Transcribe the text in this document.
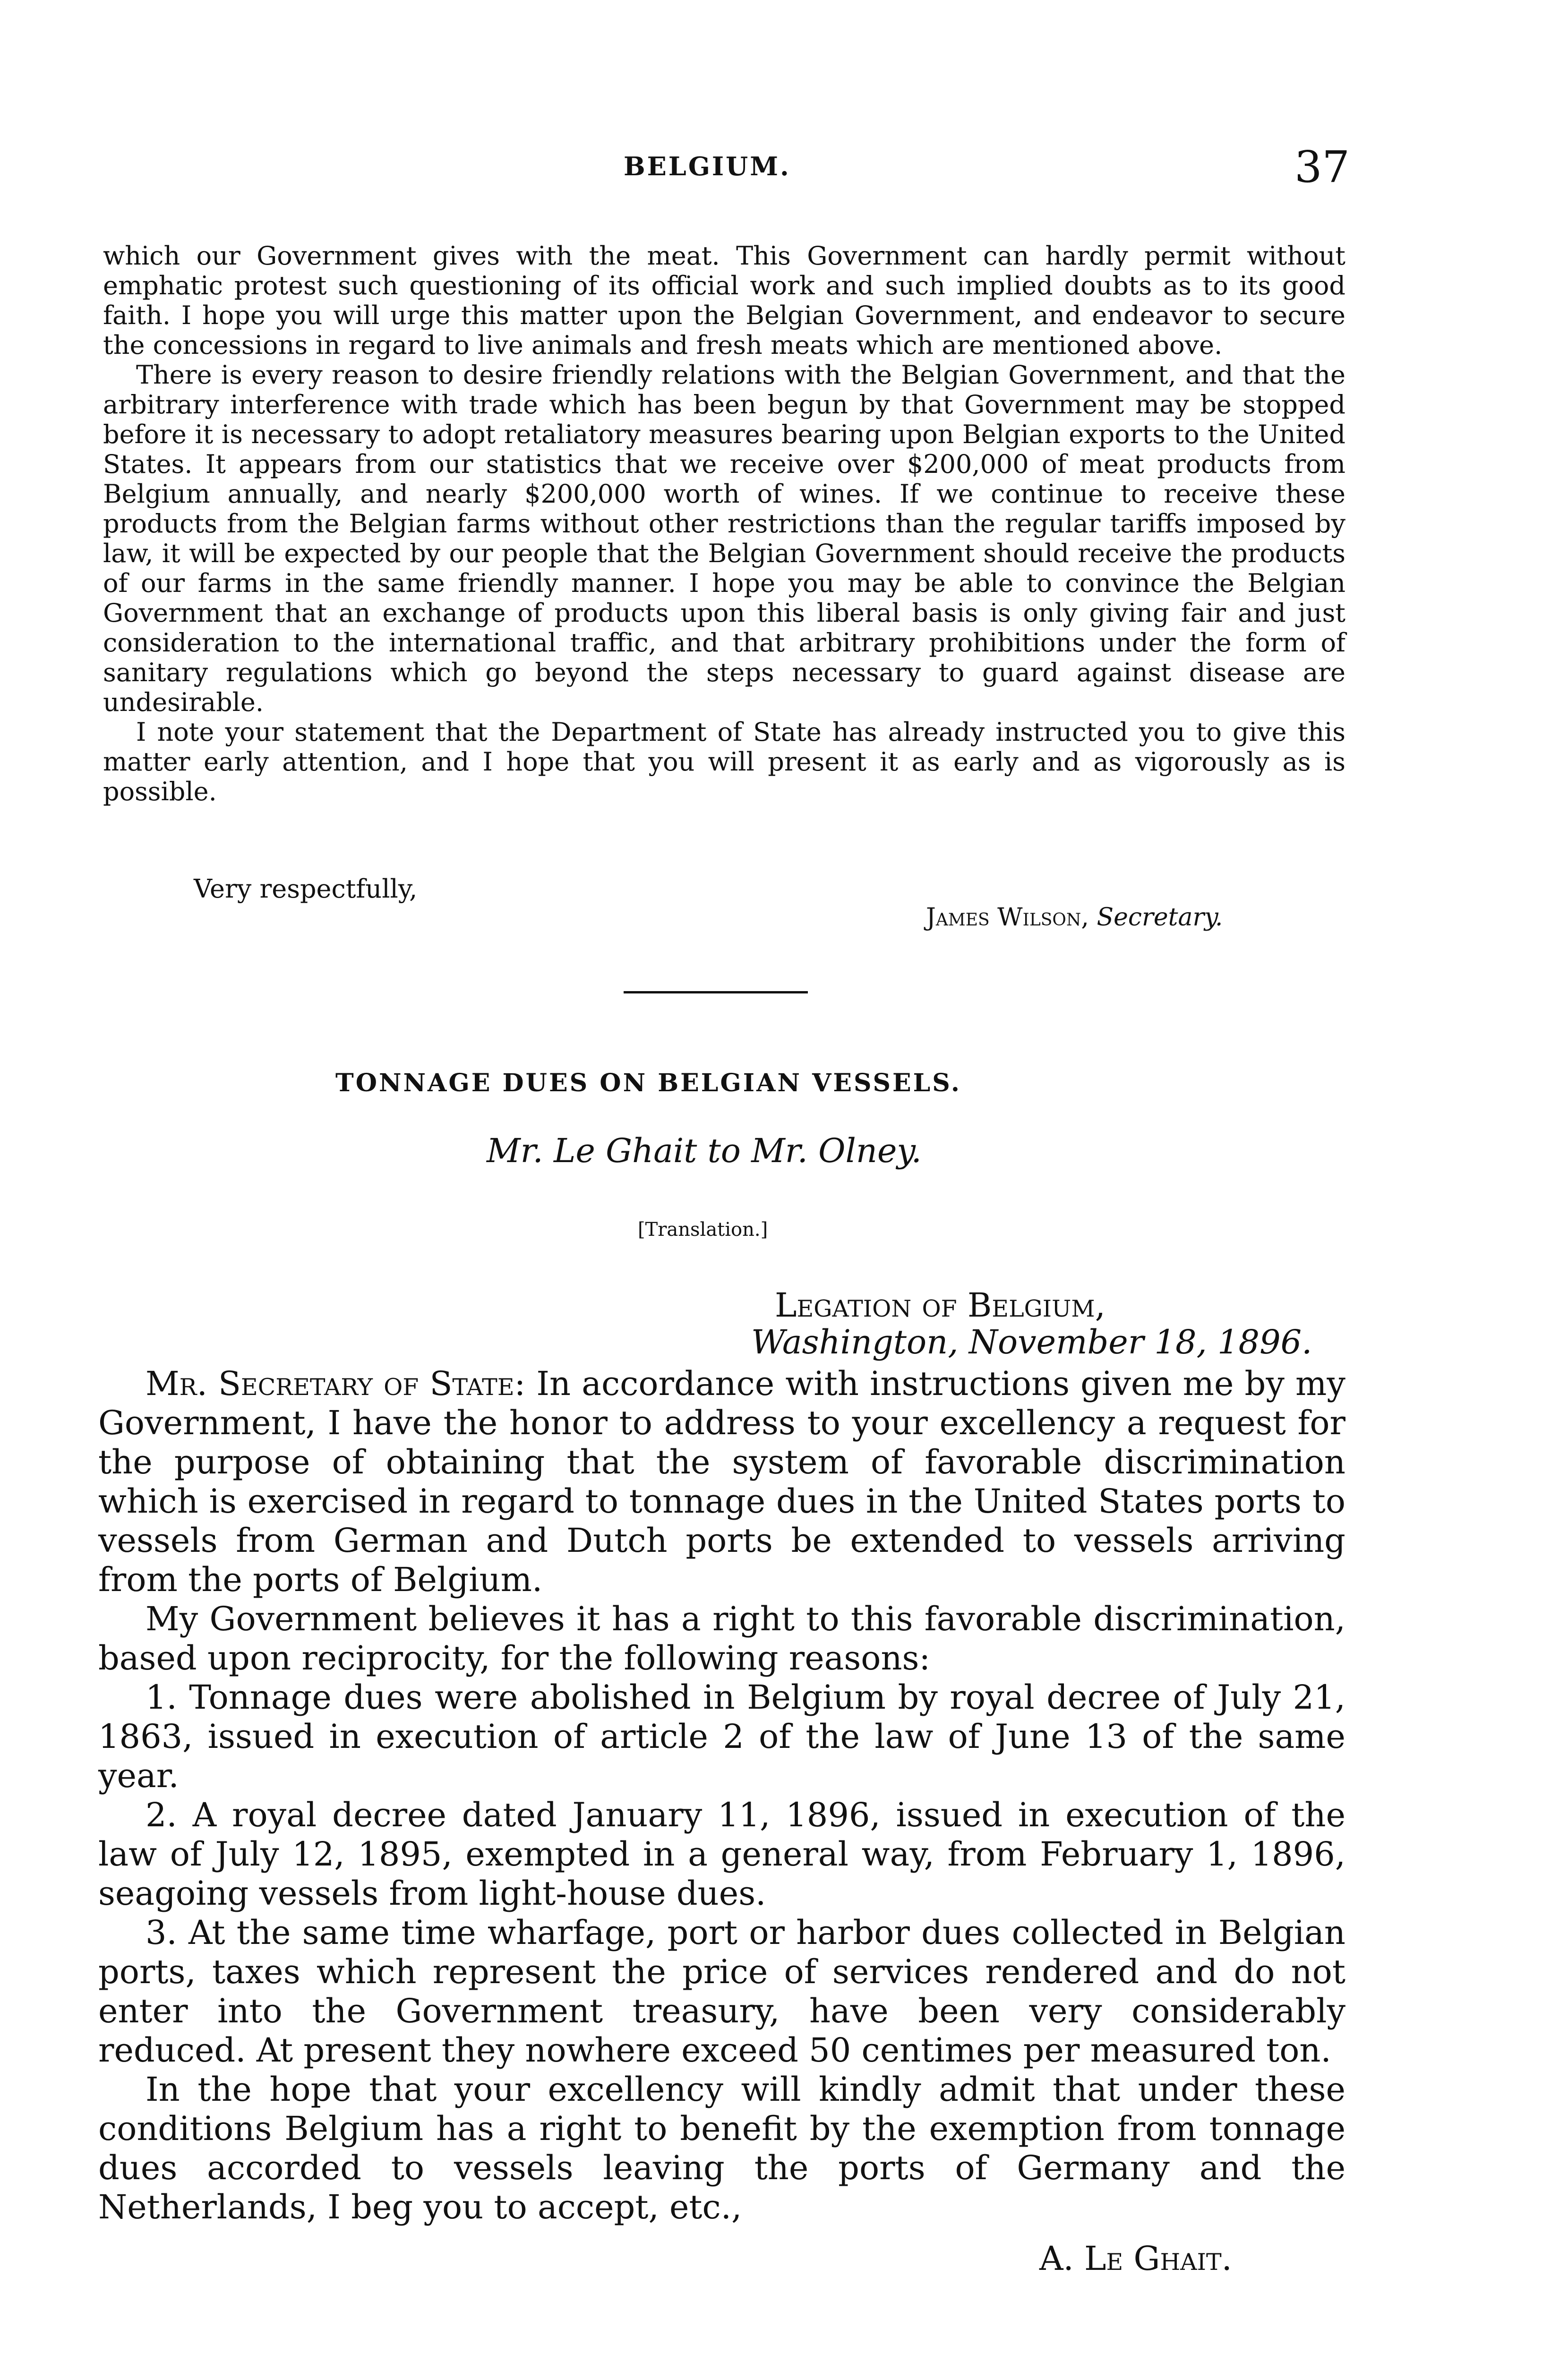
BELGIUM.	37

which our Government gives with the meat. This Government can hardly permit without emphatic protest such questioning of its official work and such implied doubts as to its good faith. I hope you will urge this matter upon the Belgian Government, and endeavor to secure the concessions in regard to live animals and fresh meats which are mentioned above.

There is every reason to desire friendly relations with the Belgian Government, and that the arbitrary interference with trade which has been begun by that Government may be stopped before it is necessary to adopt retaliatory measures bearing upon Belgian exports to the United States. It appears from our statistics that we receive over $200,000 of meat products from Belgium annually, and nearly $200,000 worth of wines. If we continue to receive these products from the Belgian farms without other restrictions than the regular tariffs imposed by law, it will be expected by our people that the Belgian Government should receive the products of our farms in the same friendly manner. I hope you may be able to convince the Belgian Government that an exchange of products upon this liberal basis is only giving fair and just consideration to the international traffic, and that arbitrary prohibitions under the form of sanitary regulations which go beyond the steps necessary to guard against disease are undesirable.

I note your statement that the Department of State has already instructed you to give this matter early attention, and I hope that you will present it as early and as vigorously as is possible.

Very respectfully,
James Wilson, Secretary.
TONNAGE DUES ON BELGIAN VESSELS.
Mr. Le Ghait to Mr. Olney.
[Translation.]
Legation of Belgium,
Washington, November 18, 1896.

Mr. Secretary of State: In accordance with instructions given me by my Government, I have the honor to address to your excellency a request for the purpose of obtaining that the system of favorable discrimination which is exercised in regard to tonnage dues in the United States ports to vessels from German and Dutch ports be extended to vessels arriving from the ports of Belgium.

My Government believes it has a right to this favorable discrimination, based upon reciprocity, for the following reasons:

1. Tonnage dues were abolished in Belgium by royal decree of July 21, 1863, issued in execution of article 2 of the law of June 13 of the same year.

2. A royal decree dated January 11, 1896, issued in execution of the law of July 12, 1895, exempted in a general way, from February 1, 1896, seagoing vessels from light-house dues.

3. At the same time wharfage, port or harbor dues collected in Belgian ports, taxes which represent the price of services rendered and do not enter into the Government treasury, have been very considerably reduced. At present they nowhere exceed 50 centimes per measured ton.

In the hope that your excellency will kindly admit that under these conditions Belgium has a right to benefit by the exemption from tonnage dues accorded to vessels leaving the ports of Germany and the Netherlands, I beg you to accept, etc.,

A. Le Ghait.
